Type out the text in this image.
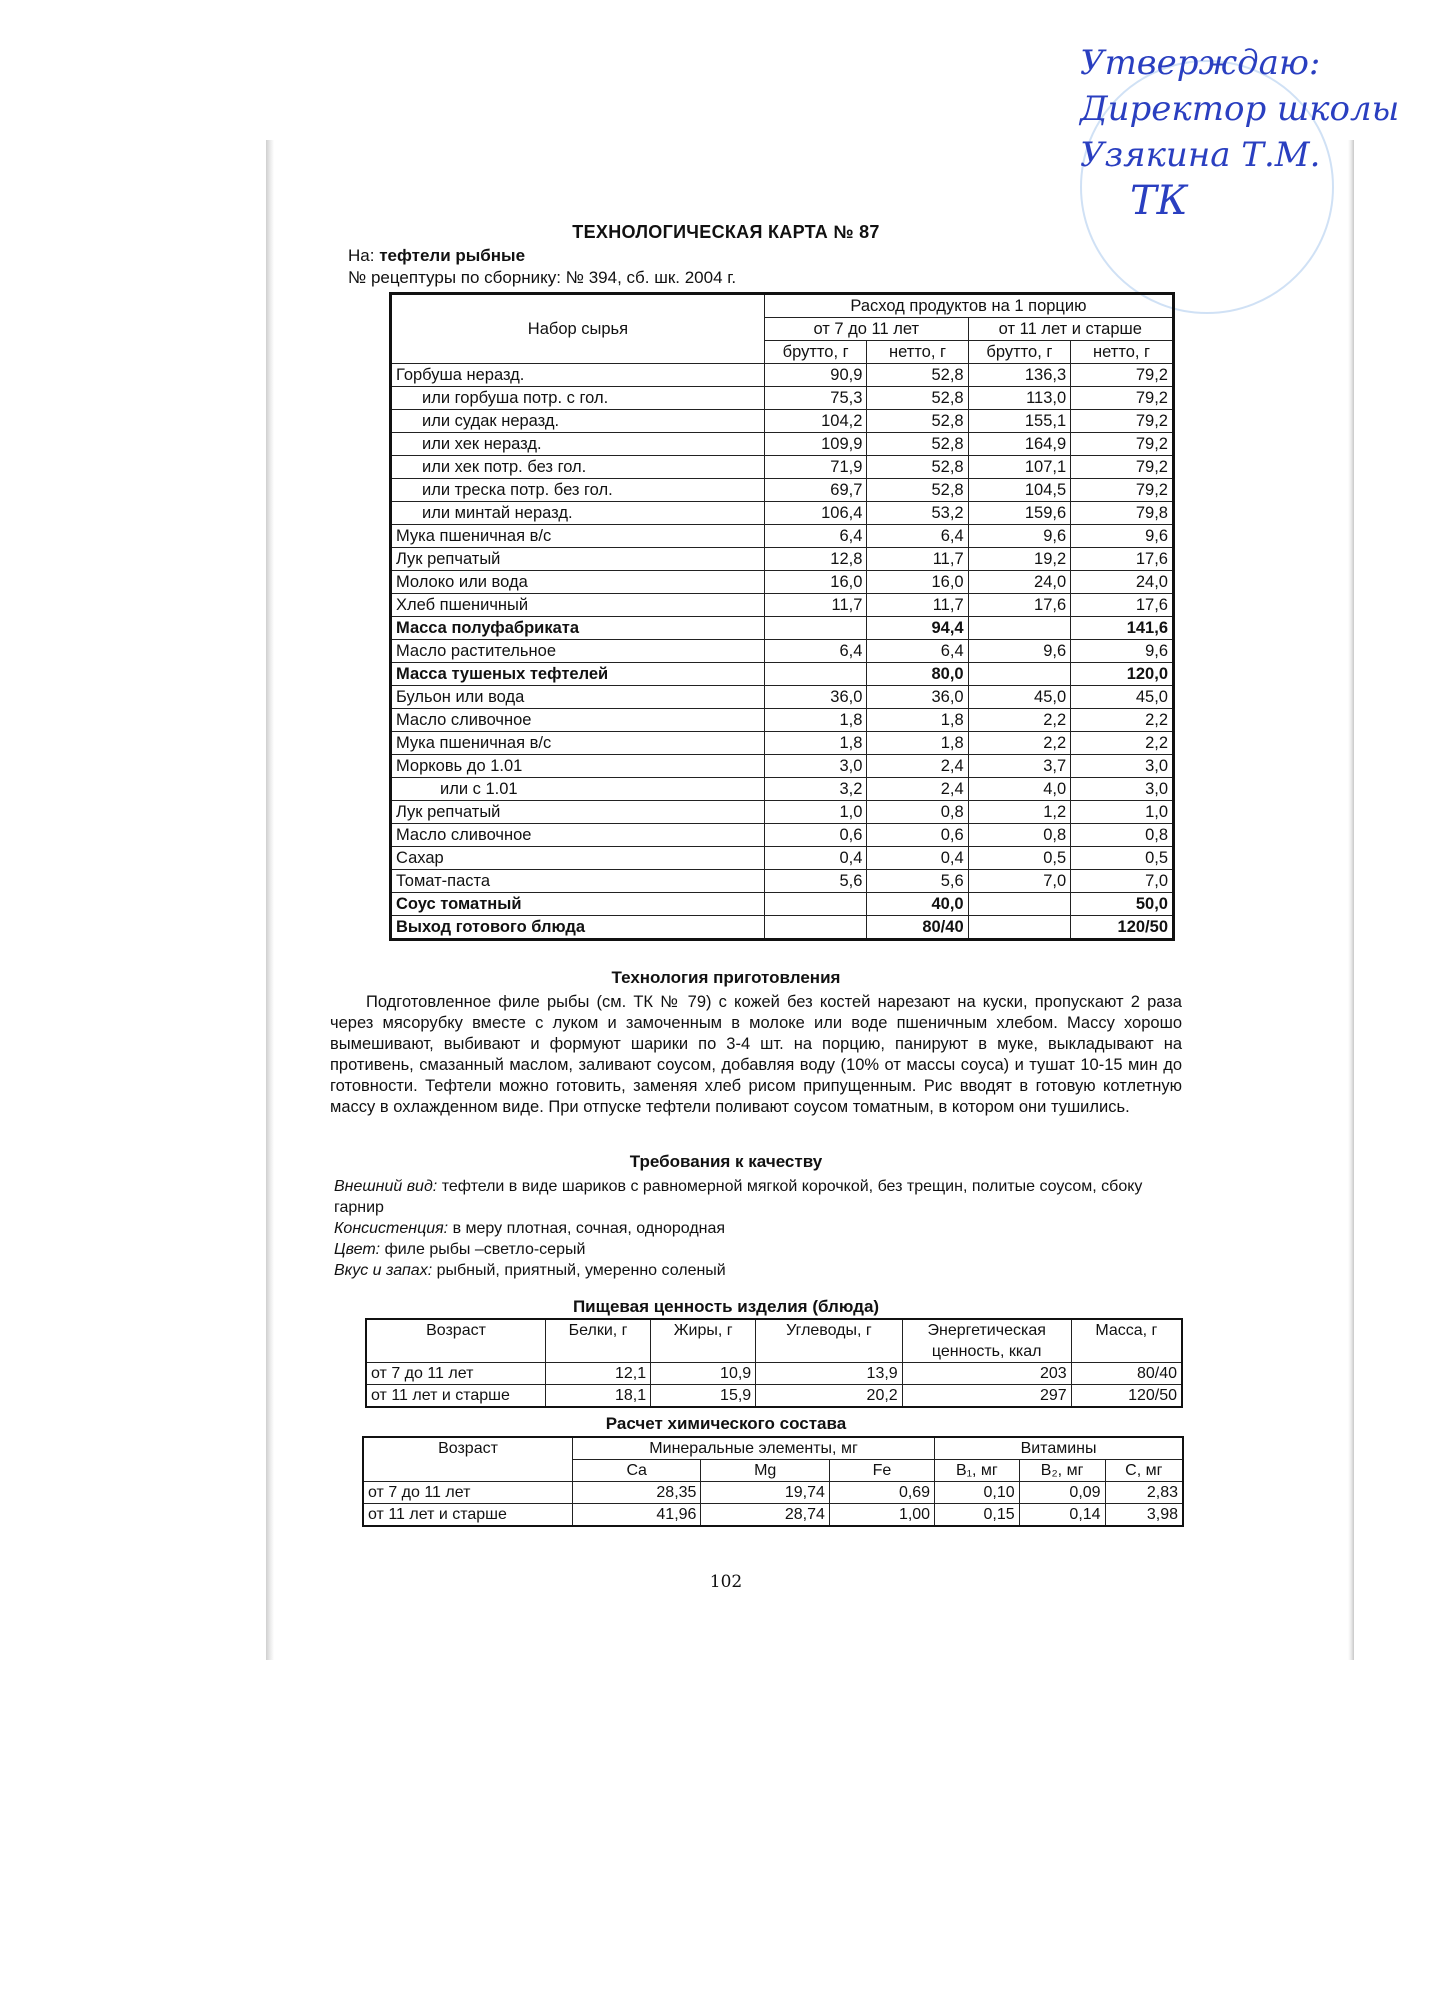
Утверждаю:
Директор школы
Узякина Т.М.
ТК
ТЕХНОЛОГИЧЕСКАЯ КАРТА № 87
На: тефтели рыбные
№ рецептуры по сборнику: № 394, сб. шк. 2004 г.
Набор сырья	Расход продуктов на 1 порцию			
	от 7 до 11 лет		от 11 лет и старше	
	брутто, г	нетто, г	брутто, г	нетто, г
Горбуша неразд.	90,9	52,8	136,3	79,2
или горбуша потр. с гол.	75,3	52,8	113,0	79,2
или судак неразд.	104,2	52,8	155,1	79,2
или хек неразд.	109,9	52,8	164,9	79,2
или хек потр. без гол.	71,9	52,8	107,1	79,2
или треска потр. без гол.	69,7	52,8	104,5	79,2
или минтай неразд.	106,4	53,2	159,6	79,8
Мука пшеничная в/с	6,4	6,4	9,6	9,6
Лук репчатый	12,8	11,7	19,2	17,6
Молоко или вода	16,0	16,0	24,0	24,0
Хлеб пшеничный	11,7	11,7	17,6	17,6
Масса полуфабриката		94,4		141,6
Масло растительное	6,4	6,4	9,6	9,6
Масса тушеных тефтелей		80,0		120,0
Бульон или вода	36,0	36,0	45,0	45,0
Масло сливочное	1,8	1,8	2,2	2,2
Мука пшеничная в/с	1,8	1,8	2,2	2,2
Морковь до 1.01	3,0	2,4	3,7	3,0
или с 1.01	3,2	2,4	4,0	3,0
Лук репчатый	1,0	0,8	1,2	1,0
Масло сливочное	0,6	0,6	0,8	0,8
Сахар	0,4	0,4	0,5	0,5
Томат-паста	5,6	5,6	7,0	7,0
Соус томатный		40,0		50,0
Выход готового блюда		80/40		120/50
Технология приготовления

Подготовленное филе рыбы (см. ТК № 79) с кожей без костей нарезают на куски, пропускают 2 раза через мясорубку вместе с луком и замоченным в молоке или воде пшеничным хлебом. Массу хорошо вымешивают, выбивают и формуют шарики по 3-4 шт. на порцию, панируют в муке, выкладывают на противень, смазанный маслом, заливают соусом, добавляя воду (10% от массы соуса) и тушат 10-15 мин до готовности. Тефтели можно готовить, заменяя хлеб рисом припущенным. Рис вводят в готовую котлетную массу в охлажденном виде. При отпуске тефтели поливают соусом томатным, в котором они тушились.

Требования к качеству

Внешний вид: тефтели в виде шариков с равномерной мягкой корочкой, без трещин, политые соусом, сбоку гарнир

Консистенция: в меру плотная, сочная, однородная

Цвет: филе рыбы –светло-серый

Вкус и запах: рыбный, приятный, умеренно соленый

Пищевая ценность изделия (блюда)
Возраст	Белки, г	Жиры, г	Углеводы, г	Энергетическая ценность, ккал	Масса, г
от 7 до 11 лет	12,1	10,9	13,9	203	80/40
от 11 лет и старше	18,1	15,9	20,2	297	120/50
Расчет химического состава
Возраст	Минеральные элементы, мг			Витамины		
	Ca	Mg	Fe	B₁, мг	B₂, мг	C, мг
от 7 до 11 лет	28,35	19,74	0,69	0,10	0,09	2,83
от 11 лет и старше	41,96	28,74	1,00	0,15	0,14	3,98
102
